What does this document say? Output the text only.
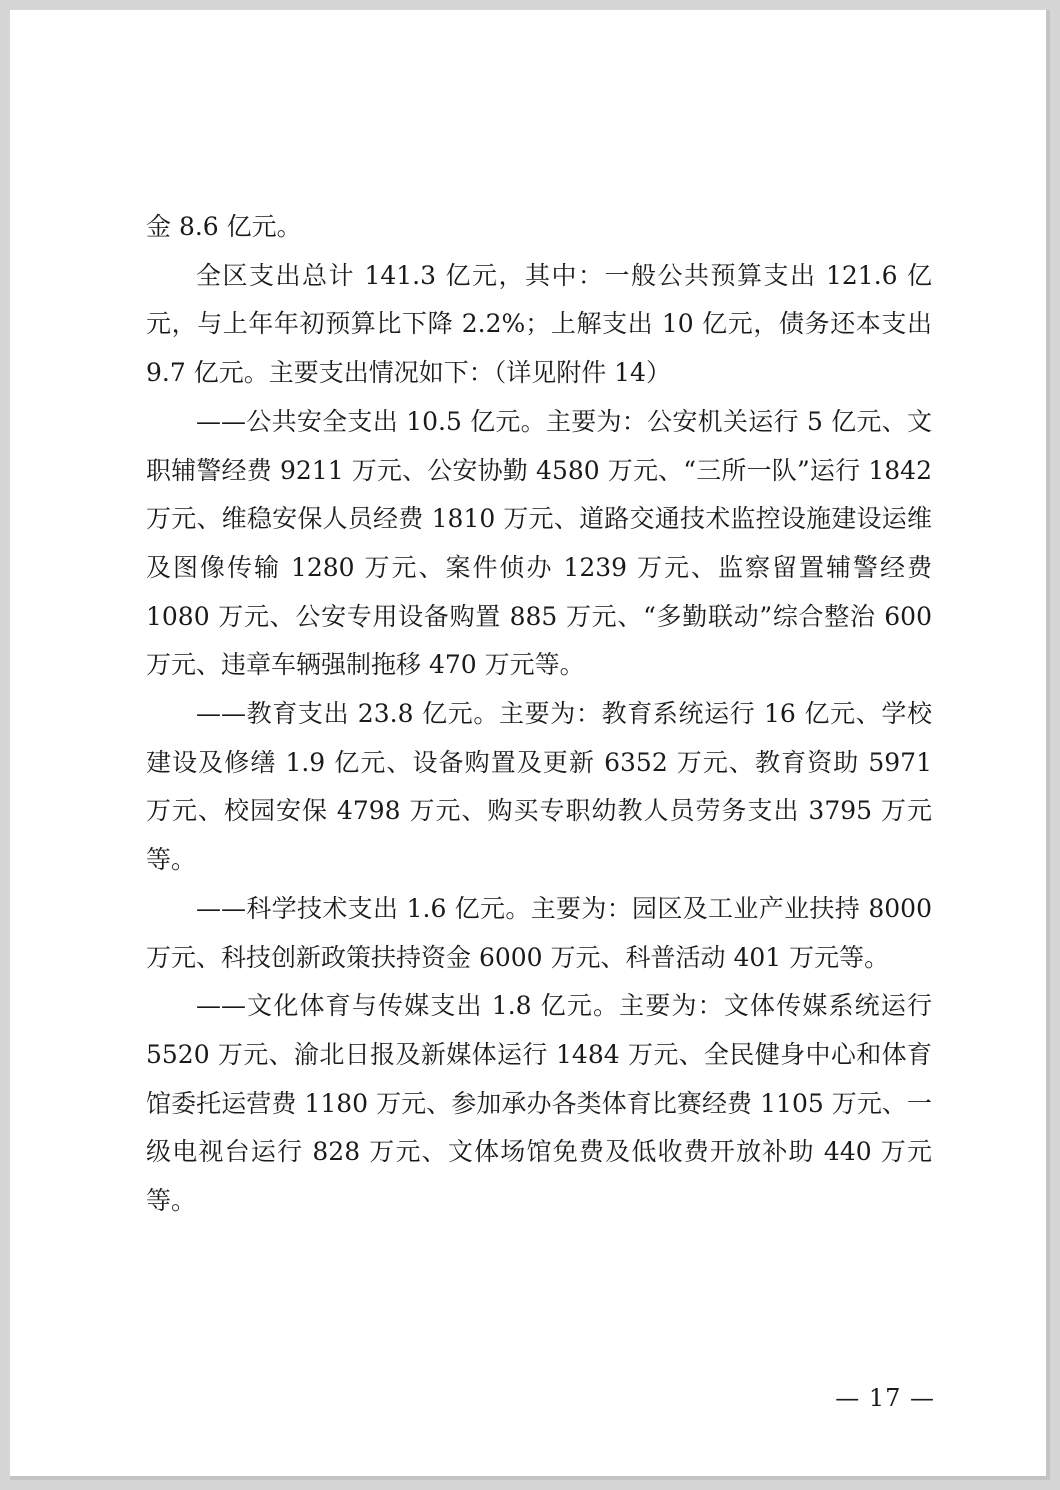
金 8.6 亿元。

全区支出总计 141.3 亿元，其中：一般公共预算支出 121.6 亿元，与上年年初预算比下降 2.2%；上解支出 10 亿元，债务还本支出 9.7 亿元。主要支出情况如下：（详见附件 14）

——公共安全支出 10.5 亿元。主要为：公安机关运行 5 亿元、文职辅警经费 9211 万元、公安协勤 4580 万元、“三所一队”运行 1842 万元、维稳安保人员经费 1810 万元、道路交通技术监控设施建设运维及图像传输 1280 万元、案件侦办 1239 万元、监察留置辅警经费 1080 万元、公安专用设备购置 885 万元、“多勤联动”综合整治 600 万元、违章车辆强制拖移 470 万元等。

——教育支出 23.8 亿元。主要为：教育系统运行 16 亿元、学校建设及修缮 1.9 亿元、设备购置及更新 6352 万元、教育资助 5971 万元、校园安保 4798 万元、购买专职幼教人员劳务支出 3795 万元等。

——科学技术支出 1.6 亿元。主要为：园区及工业产业扶持 8000 万元、科技创新政策扶持资金 6000 万元、科普活动 401 万元等。

——文化体育与传媒支出 1.8 亿元。主要为：文体传媒系统运行 5520 万元、渝北日报及新媒体运行 1484 万元、全民健身中心和体育馆委托运营费 1180 万元、参加承办各类体育比赛经费 1105 万元、一级电视台运行 828 万元、文体场馆免费及低收费开放补助 440 万元等。

— 17 —
